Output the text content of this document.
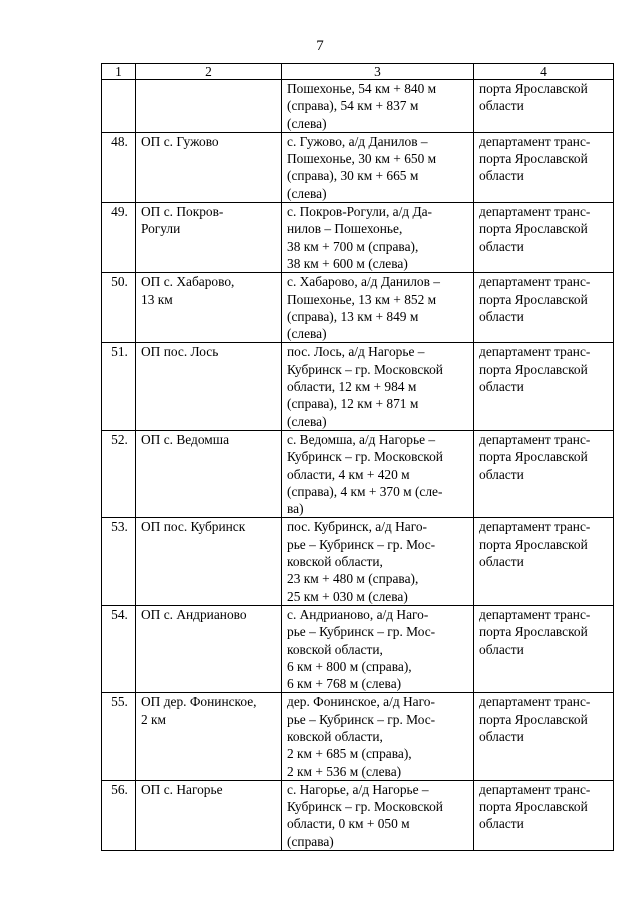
7
1	2	3	4
		Пошехонье, 54 км + 840 м
(справа), 54 км + 837 м
(слева)	порта Ярославской
области
48.	ОП с. Гужово	с. Гужово, а/д Данилов –
Пошехонье, 30 км + 650 м
(справа), 30 км + 665 м
(слева)	департамент транс-
порта Ярославской
области
49.	ОП с. Покров-
Рогули	с. Покров-Рогули, а/д Да-
нилов – Пошехонье,
38 км + 700 м (справа),
38 км + 600 м (слева)	департамент транс-
порта Ярославской
области
50.	ОП с. Хабарово,
13 км	с. Хабарово, а/д Данилов –
Пошехонье, 13 км + 852 м
(справа), 13 км + 849 м
(слева)	департамент транс-
порта Ярославской
области
51.	ОП пос. Лось	пос. Лось, а/д Нагорье –
Кубринск – гр. Московской
области, 12 км + 984 м
(справа), 12 км + 871 м
(слева)	департамент транс-
порта Ярославской
области
52.	ОП с. Ведомша	с. Ведомша, а/д Нагорье –
Кубринск – гр. Московской
области, 4 км + 420 м
(справа), 4 км + 370 м (сле-
ва)	департамент транс-
порта Ярославской
области
53.	ОП пос. Кубринск	пос. Кубринск, а/д Наго-
рье – Кубринск – гр. Мос-
ковской области,
23 км + 480 м (справа),
25 км + 030 м (слева)	департамент транс-
порта Ярославской
области
54.	ОП с. Андрианово	с. Андрианово, а/д Наго-
рье – Кубринск – гр. Мос-
ковской области,
6 км + 800 м (справа),
6 км + 768 м (слева)	департамент транс-
порта Ярославской
области
55.	ОП дер. Фонинское,
2 км	дер. Фонинское, а/д Наго-
рье – Кубринск – гр. Мос-
ковской области,
2 км + 685 м (справа),
2 км + 536 м (слева)	департамент транс-
порта Ярославской
области
56.	ОП с. Нагорье	с. Нагорье, а/д Нагорье –
Кубринск – гр. Московской
области, 0 км + 050 м
(справа)	департамент транс-
порта Ярославской
области
